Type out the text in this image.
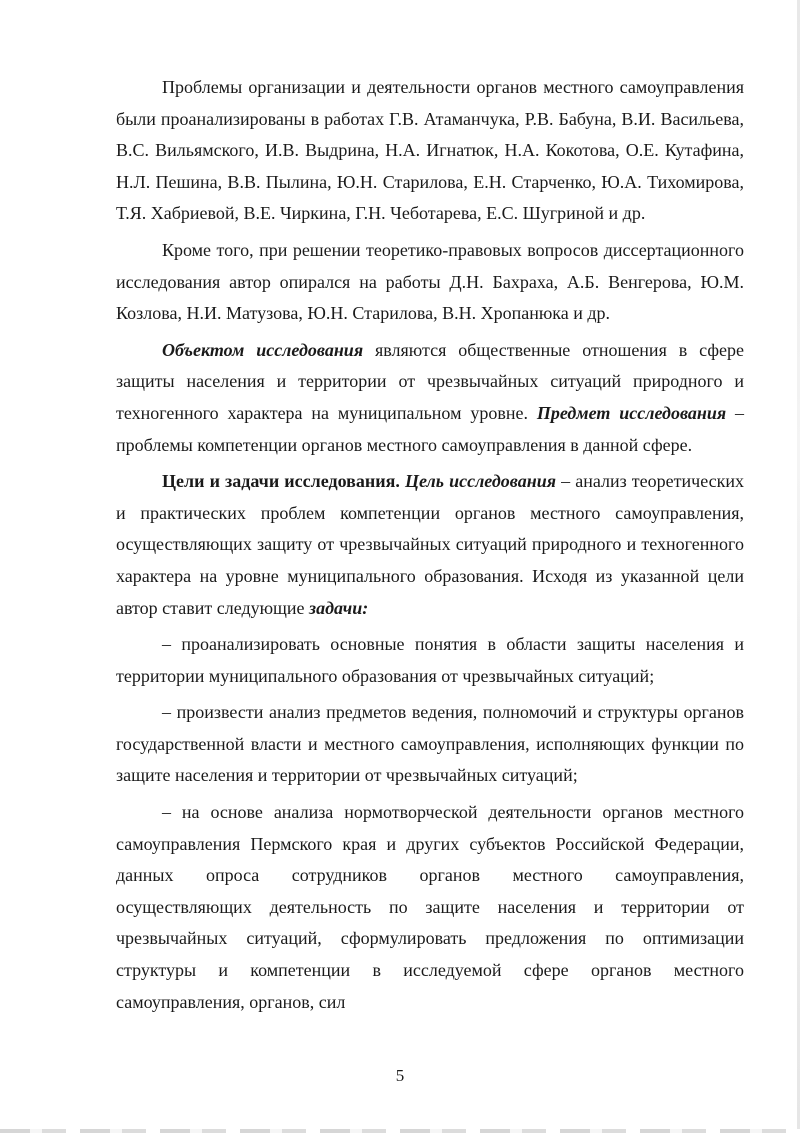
Проблемы организации и деятельности органов местного самоуправления были проанализированы в работах Г.В. Атаманчука, Р.В. Бабуна, В.И. Васильева, В.С. Вильямского, И.В. Выдрина, Н.А. Игнатюк, Н.А. Кокотова, О.Е. Кутафина, Н.Л. Пешина, В.В. Пылина, Ю.Н. Старилова, Е.Н. Старченко, Ю.А. Тихомирова, Т.Я. Хабриевой, В.Е. Чиркина, Г.Н. Чеботарева, Е.С. Шугриной и др.

Кроме того, при решении теоретико-правовых вопросов диссертационного исследования автор опирался на работы Д.Н. Бахраха, А.Б. Венгерова, Ю.М. Козлова, Н.И. Матузова, Ю.Н. Старилова, В.Н. Хропанюка и др.

Объектом исследования являются общественные отношения в сфере защиты населения и территории от чрезвычайных ситуаций природного и техногенного характера на муниципальном уровне. Предмет исследования – проблемы компетенции органов местного самоуправления в данной сфере.

Цели и задачи исследования. Цель исследования – анализ теоретических и практических проблем компетенции органов местного самоуправления, осуществляющих защиту от чрезвычайных ситуаций природного и техногенного характера на уровне муниципального образования. Исходя из указанной цели автор ставит следующие задачи:

– проанализировать основные понятия в области защиты населения и территории муниципального образования от чрезвычайных ситуаций;

– произвести анализ предметов ведения, полномочий и структуры органов государственной власти и местного самоуправления, исполняющих функции по защите населения и территории от чрезвычайных ситуаций;

– на основе анализа нормотворческой деятельности органов местного самоуправления Пермского края и других субъектов Российской Федерации, данных опроса сотрудников органов местного самоуправления, осуществляющих деятельность по защите населения и территории от чрезвычайных ситуаций, сформулировать предложения по оптимизации структуры и компетенции в исследуемой сфере органов местного самоуправления, органов, сил

5
